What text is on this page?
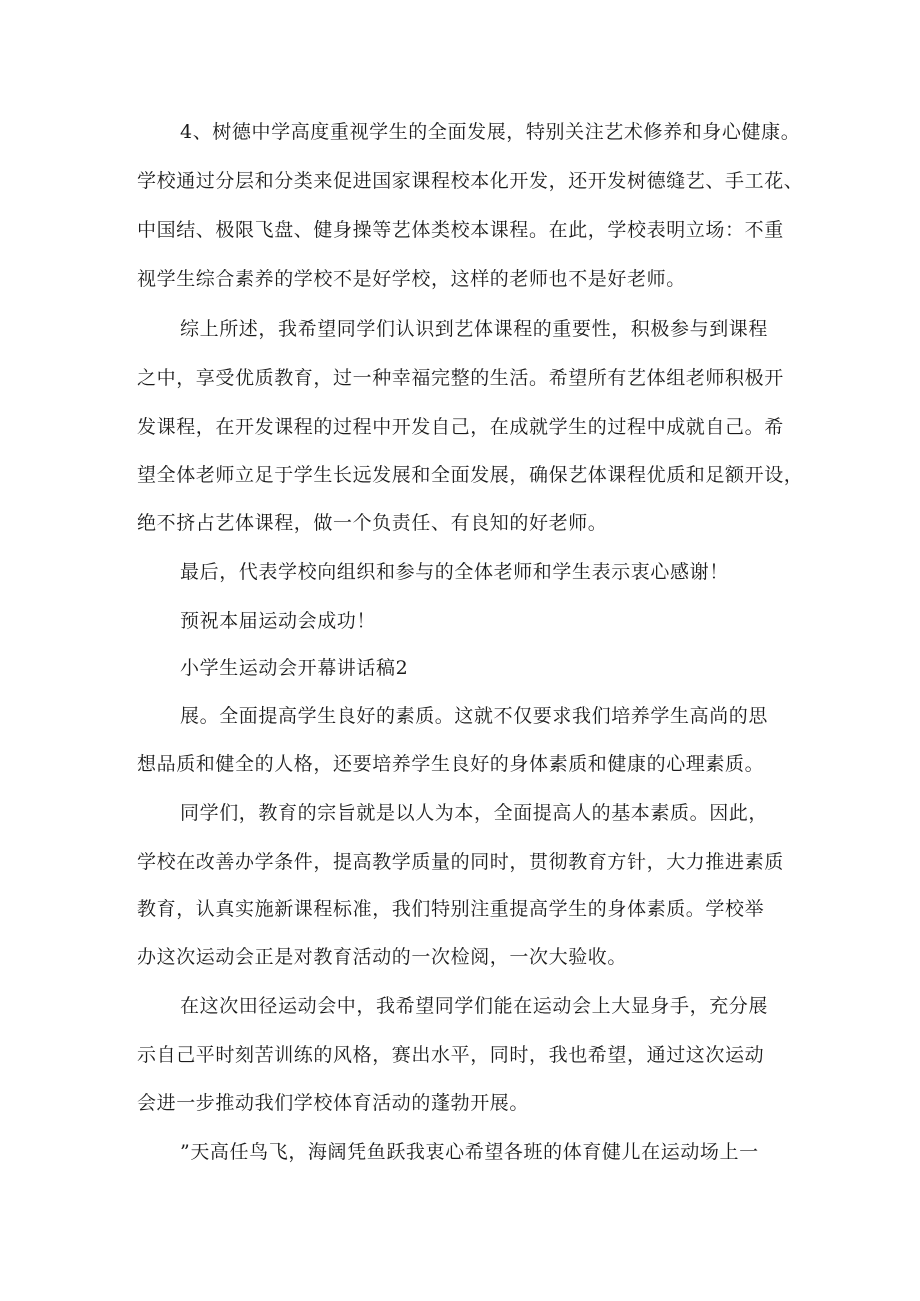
4、树德中学高度重视学生的全面发展，特别关注艺术修养和身心健康。
学校通过分层和分类来促进国家课程校本化开发，还开发树德缝艺、手工花、
中国结、极限飞盘、健身操等艺体类校本课程。在此，学校表明立场：不重
视学生综合素养的学校不是好学校，这样的老师也不是好老师。
综上所述，我希望同学们认识到艺体课程的重要性，积极参与到课程
之中，享受优质教育，过一种幸福完整的生活。希望所有艺体组老师积极开
发课程，在开发课程的过程中开发自己，在成就学生的过程中成就自己。希
望全体老师立足于学生长远发展和全面发展，确保艺体课程优质和足额开设，
绝不挤占艺体课程，做一个负责任、有良知的好老师。
最后，代表学校向组织和参与的全体老师和学生表示衷心感谢！
预祝本届运动会成功！
小学生运动会开幕讲话稿2
展。全面提高学生良好的素质。这就不仅要求我们培养学生高尚的思
想品质和健全的人格，还要培养学生良好的身体素质和健康的心理素质。
同学们，教育的宗旨就是以人为本，全面提高人的基本素质。因此，
学校在改善办学条件，提高教学质量的同时，贯彻教育方针，大力推进素质
教育，认真实施新课程标准，我们特别注重提高学生的身体素质。学校举
办这次运动会正是对教育活动的一次检阅，一次大验收。
在这次田径运动会中，我希望同学们能在运动会上大显身手，充分展
示自己平时刻苦训练的风格，赛出水平，同时，我也希望，通过这次运动
会进一步推动我们学校体育活动的蓬勃开展。
”天高任鸟飞，海阔凭鱼跃我衷心希望各班的体育健儿在运动场上一
